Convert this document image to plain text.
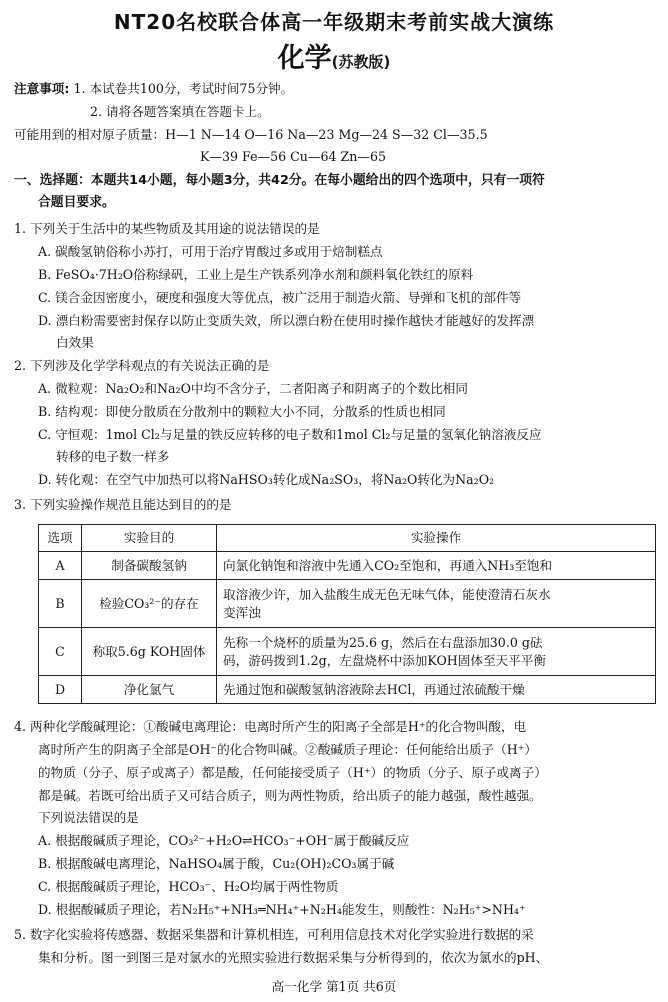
NT20名校联合体高一年级期末考前实战大演练
化学(苏教版)
注意事项: 1. 本试卷共100分，考试时间75分钟。
2. 请将各题答案填在答题卡上。
可能用到的相对原子质量：H—1 N—14 O—16 Na—23 Mg—24 S—32 Cl—35.5
K—39 Fe—56 Cu—64 Zn—65
一、选择题：本题共14小题，每小题3分，共42分。在每小题给出的四个选项中，只有一项符
合题目要求。
1. 下列关于生活中的某些物质及其用途的说法错误的是
A. 碳酸氢钠俗称小苏打，可用于治疗胃酸过多或用于焙制糕点
B. FeSO₄·7H₂O俗称绿矾，工业上是生产铁系列净水剂和颜料氧化铁红的原料
C. 镁合金因密度小，硬度和强度大等优点，被广泛用于制造火箭、导弹和飞机的部件等
D. 漂白粉需要密封保存以防止变质失效，所以漂白粉在使用时操作越快才能越好的发挥漂
白效果
2. 下列涉及化学学科观点的有关说法正确的是
A. 微粒观：Na₂O₂和Na₂O中均不含分子，二者阳离子和阴离子的个数比相同
B. 结构观：即使分散质在分散剂中的颗粒大小不同，分散系的性质也相同
C. 守恒观：1mol Cl₂与足量的铁反应转移的电子数和1mol Cl₂与足量的氢氧化钠溶液反应
转移的电子数一样多
D. 转化观：在空气中加热可以将NaHSO₃转化成Na₂SO₃，将Na₂O转化为Na₂O₂
3. 下列实验操作规范且能达到目的的是
选项	实验目的	实验操作
A	制备碳酸氢钠	向氯化钠饱和溶液中先通入CO₂至饱和，再通入NH₃至饱和

B	检验CO₃²⁻的存在	取溶液少许，加入盐酸生成无色无味气体，能使澄清石灰水
变浑浊

C	称取5.6g KOH固体	先称一个烧杯的质量为25.6 g，然后在右盘添加30.0 g砝
码，游码拨到1.2g，左盘烧杯中添加KOH固体至天平平衡

D	净化氯气	先通过饱和碳酸氢钠溶液除去HCl，再通过浓硫酸干燥
4. 两种化学酸碱理论：①酸碱电离理论：电离时所产生的阳离子全部是H⁺的化合物叫酸，电
离时所产生的阴离子全部是OH⁻的化合物叫碱。②酸碱质子理论：任何能给出质子（H⁺）
的物质（分子、原子或离子）都是酸，任何能接受质子（H⁺）的物质（分子、原子或离子）
都是碱。若既可给出质子又可结合质子，则为两性物质，给出质子的能力越强，酸性越强。
下列说法错误的是
A. 根据酸碱质子理论，CO₃²⁻+H₂O⇌HCO₃⁻+OH⁻属于酸碱反应
B. 根据酸碱电离理论，NaHSO₄属于酸，Cu₂(OH)₂CO₃属于碱
C. 根据酸碱质子理论，HCO₃⁻、H₂O均属于两性物质
D. 根据酸碱质子理论，若N₂H₅⁺+NH₃═NH₄⁺+N₂H₄能发生，则酸性：N₂H₅⁺>NH₄⁺
5. 数字化实验将传感器、数据采集器和计算机相连，可利用信息技术对化学实验进行数据的采
集和分析。图一到图三是对氯水的光照实验进行数据采集与分析得到的，依次为氯水的pH、
高一化学 第1页 共6页
